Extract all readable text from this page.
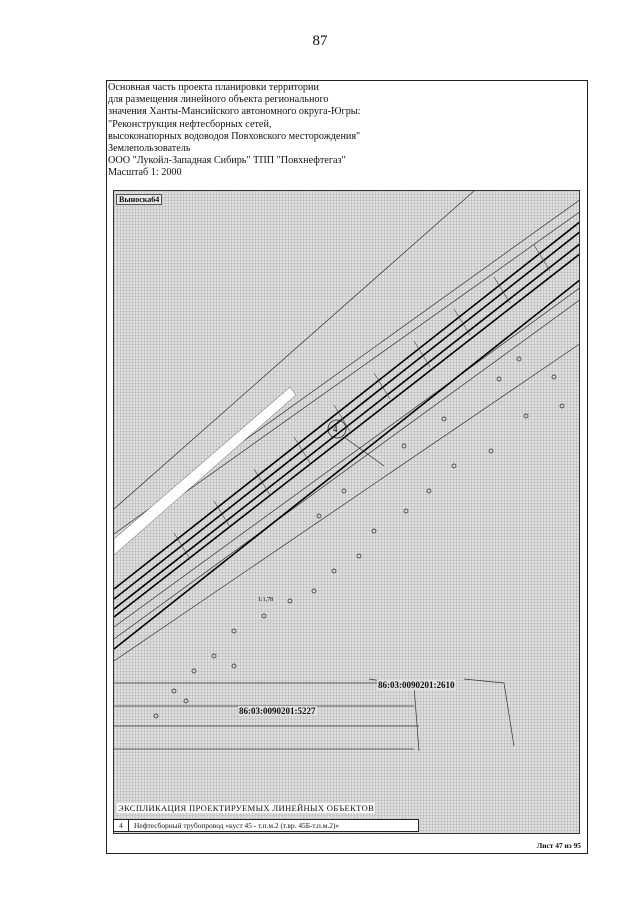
87
Основная часть проекта планировки территории
для размещения линейного объекта регионального
значения Ханты-Мансийского автономного округа-Югры:
"Реконструкция нефтесборных сетей,
высоконапорных водоводов Повховского месторождения"
Землепользователь
ООО "Лукойл-Западная Сибирь" ТПП "Повхнефтегаз"
Масштаб 1: 2000
4
1:1,78
Выноска64
86:03:0090201:2610
86:03:0090201:5227
ЭКСПЛИКАЦИЯ ПРОЕКТИРУЕМЫХ ЛИНЕЙНЫХ ОБЪЕКТОВ
4	Нефтесборный трубопровод «куст 45 - т.п.м.2 (т.вр. 45Б-т.п.м.2)»
Лист 47 из 95
